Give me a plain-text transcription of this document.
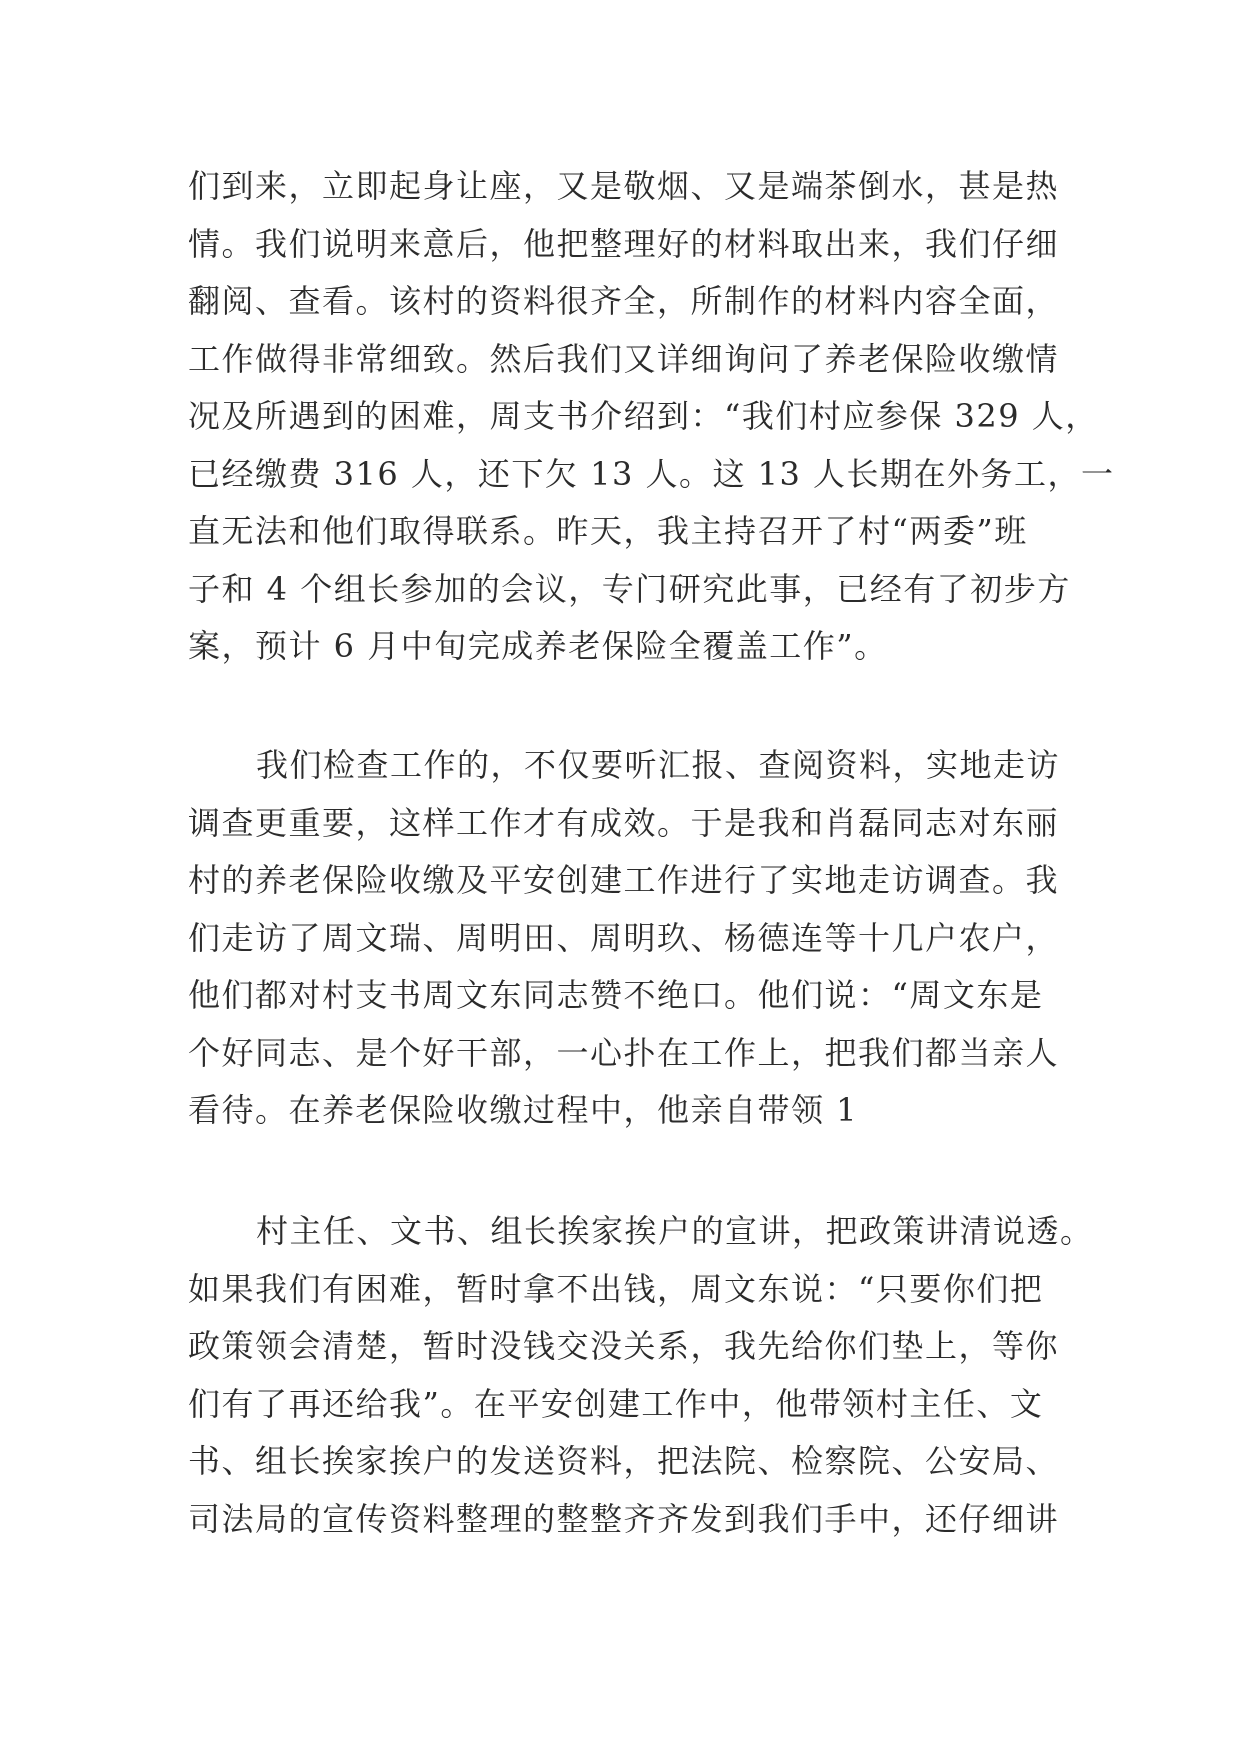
们到来，立即起身让座，又是敬烟、又是端茶倒水，甚是热
情。我们说明来意后，他把整理好的材料取出来，我们仔细
翻阅、查看。该村的资料很齐全，所制作的材料内容全面，
工作做得非常细致。然后我们又详细询问了养老保险收缴情
况及所遇到的困难，周支书介绍到：“我们村应参保 329 人，
已经缴费 316 人，还下欠 13 人。这 13 人长期在外务工，一
直无法和他们取得联系。昨天，我主持召开了村“两委”班
子和 4 个组长参加的会议，专门研究此事，已经有了初步方
案，预计 6 月中旬完成养老保险全覆盖工作”。
我们检查工作的，不仅要听汇报、查阅资料，实地走访
调查更重要，这样工作才有成效。于是我和肖磊同志对东丽
村的养老保险收缴及平安创建工作进行了实地走访调查。我
们走访了周文瑞、周明田、周明玖、杨德连等十几户农户，
他们都对村支书周文东同志赞不绝口。他们说：“周文东是
个好同志、是个好干部，一心扑在工作上，把我们都当亲人
看待。在养老保险收缴过程中，他亲自带领 1
村主任、文书、组长挨家挨户的宣讲，把政策讲清说透。
如果我们有困难，暂时拿不出钱，周文东说：“只要你们把
政策领会清楚，暂时没钱交没关系，我先给你们垫上，等你
们有了再还给我”。在平安创建工作中，他带领村主任、文
书、组长挨家挨户的发送资料，把法院、检察院、公安局、
司法局的宣传资料整理的整整齐齐发到我们手中，还仔细讲
